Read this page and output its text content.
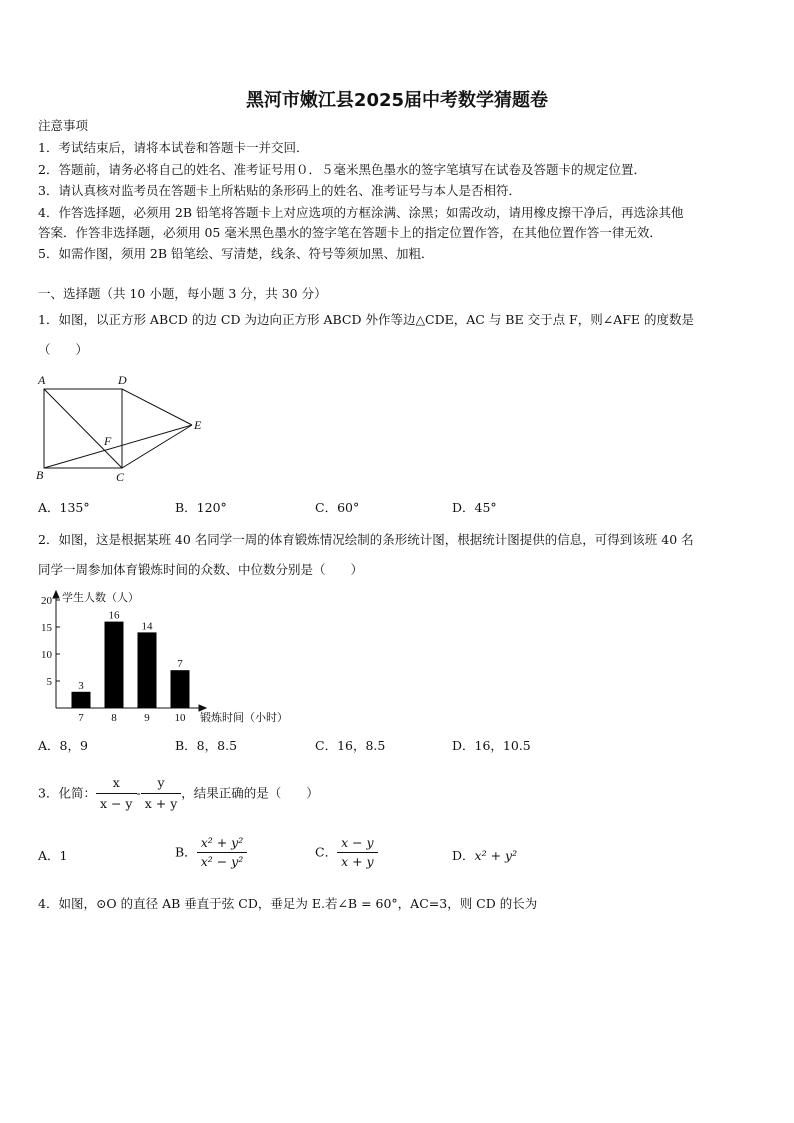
黑河市嫩江县2025届中考数学猜题卷
注意事项
1．考试结束后，请将本试卷和答题卡一并交回．
2．答题前，请务必将自己的姓名、准考证号用０．５毫米黑色墨水的签字笔填写在试卷及答题卡的规定位置．
3．请认真核对监考员在答题卡上所粘贴的条形码上的姓名、准考证号与本人是否相符．
4．作答选择题，必须用 2B 铅笔将答题卡上对应选项的方框涂满、涂黑；如需改动，请用橡皮擦干净后，再选涂其他
答案．作答非选择题，必须用 05 毫米黑色墨水的签字笔在答题卡上的指定位置作答，在其他位置作答一律无效．
5．如需作图，须用 2B 铅笔绘、写清楚，线条、符号等须加黑、加粗．
一、选择题（共 10 小题，每小题 3 分，共 30 分）
1．如图，以正方形 ABCD 的边 CD 为边向正方形 ABCD 外作等边△CDE，AC 与 BE 交于点 F，则∠AFE 的度数是
（　　）
A	D
E
F
B	C
A．135°	B．120°	C．60°	D．45°
2．如图，这是根据某班 40 名同学一周的体育锻炼情况绘制的条形统计图，根据统计图提供的信息，可得到该班 40 名
同学一周参加体育锻炼时间的众数、中位数分别是（　　）
学生人数（人）
锻炼时间（小时）
5
10
15
20
3
7
16
8
14
9
7
10
A．8，9	B．8，8.5	C．16，8.5	D．16，10.5
3．化简： $\frac{x}{x - y} - \frac{y}{x + y}$ ，结果正确的是（　　）
A．1	B． $\frac{\text{x² + y²}}{\text{x² − y²}}$	C． $\frac{x - y}{x + y}$	D．x² + y²
4．如图，⊙O 的直径 AB 垂直于弦 CD，垂足为 E.若∠B = 60°，AC=3，则 CD 的长为
